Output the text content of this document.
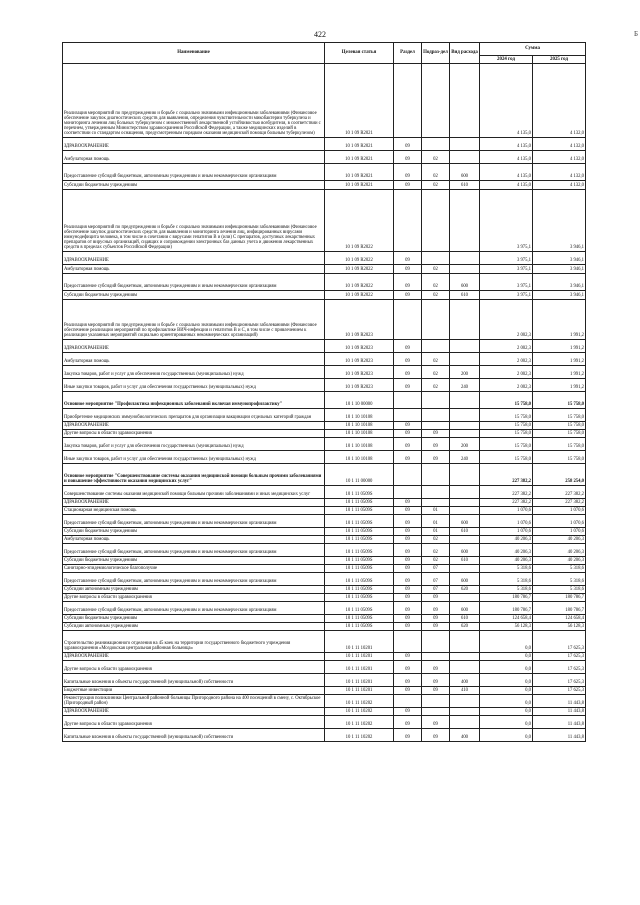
422	Б
Наименование	Целевая статья	Раздел	Подраз-дел	Вид расхода	Сумма	
					2024 год	2025 год
Реализация мероприятий по предупреждению и борьбе с социально значимыми инфекционными заболеваниями (Финансовое обеспечение закупок диагностических средств для выявления, определения чувствительности микобактерии туберкулеза и мониторинга лечения лиц больных туберкулезом с множественной лекарственной устойчивостью возбудителя, в соответствии с перечнем, утвержденным Министерством здравоохранения Российской Федерации, а также медицинских изделий в соответствии со стандартом оснащения, предусмотренным порядком оказания медицинской помощи больным туберкулезом)	10 1 09 R2021				4 135,0	4 132,0
ЗДРАВООХРАНЕНИЕ	10 1 09 R2021	09			4 135,0	4 132,0
Амбулаторная помощь	10 1 09 R2021	09	02		4 135,0	4 132,0
Предоставление субсидий бюджетным, автономным учреждениям и иным некоммерческим организациям	10 1 09 R2021	09	02	600	4 135,0	4 132,0
Субсидии бюджетным учреждениям	10 1 09 R2021	09	02	610	4 135,0	4 132,0
Реализация мероприятий по предупреждению и борьбе с социально значимыми инфекционными заболеваниями (Финансовое обеспечение закупок диагностических средств для выявления и мониторинга лечения лиц, инфицированных вирусами иммунодефицита человека, в том числе в сочетании с вирусами гепатитов B и (или) C препаратов, доступных лекарственных препаратов от вирусных организаций, сидящих и сопровождении электронных баз данных учета и движения лекарственных средств в пределах субъектов Российской Федерации)	10 1 09 R2022				3 975,1	3 946,1
ЗДРАВООХРАНЕНИЕ	10 1 09 R2022	09			3 975,1	3 946,1
Амбулаторная помощь	10 1 09 R2022	09	02		3 975,1	3 946,1
Предоставление субсидий бюджетным, автономным учреждениям и иным некоммерческим организациям	10 1 09 R2022	09	02	600	3 975,1	3 946,1
Субсидии бюджетным учреждениям	10 1 09 R2022	09	02	610	3 975,1	3 946,1
Реализация мероприятий по предупреждению и борьбе с социально значимыми инфекционными заболеваниями (Финансовое обеспечение реализации мероприятий по профилактике ВИЧ-инфекции и гепатитов B и C, в том числе с привлечением к реализации указанных мероприятий социально ориентированных некоммерческих организаций)	10 1 09 R2023				2 002,3	1 991,2
ЗДРАВООХРАНЕНИЕ	10 1 09 R2023	09			2 002,3	1 991,2
Амбулаторная помощь	10 1 09 R2023	09	02		2 002,3	1 991,2
Закупка товаров, работ и услуг для обеспечения государственных (муниципальных) нужд	10 1 09 R2023	09	02	200	2 002,3	1 991,2
Иные закупки товаров, работ и услуг для обеспечения государственных (муниципальных) нужд	10 1 09 R2023	09	02	240	2 002,3	1 991,2
Основное мероприятие "Профилактика инфекционных заболеваний включая иммунопрофилактику"	10 1 10 00000				15 758,0	15 758,0
Приобретение медицинских иммунобиологических препаратов для организации вакцинации отдельных категорий граждан	10 1 10 10108				15 758,0	15 758,0
ЗДРАВООХРАНЕНИЕ	10 1 10 10108	09			15 758,0	15 758,0
Другие вопросы в области здравоохранения	10 1 10 10108	09	09		15 758,0	15 758,0
Закупка товаров, работ и услуг для обеспечения государственных (муниципальных) нужд	10 1 10 10108	09	09	200	15 758,0	15 758,0
Иные закупки товаров, работ и услуг для обеспечения государственных (муниципальных) нужд	10 1 10 10108	09	09	240	15 758,0	15 758,0
Основное мероприятие "Совершенствование системы оказания медицинской помощи больным прочими заболеваниями и повышение эффективности оказания медицинских услуг"	10 1 11 00000				227 382,2	258 254,0
Совершенствование системы оказания медицинской помощи больным прочими заболеваниями и иных медицинских услуг	10 1 11 0509S				227 382,2	227 382,2
ЗДРАВООХРАНЕНИЕ	10 1 11 0509S	09			227 382,2	227 382,2
Стационарная медицинская помощь	10 1 11 0509S	09	01		1 070,6	1 070,6
Предоставление субсидий бюджетным, автономным учреждениям и иным некоммерческим организациям	10 1 11 0509S	09	01	600	1 070,6	1 070,6
Субсидии бюджетным учреждениям	10 1 11 0509S	09	01	610	1 070,6	1 070,6
Амбулаторная помощь	10 1 11 0509S	09	02		40 206,3	40 206,3
Предоставление субсидий бюджетным, автономным учреждениям и иным некоммерческим организациям	10 1 11 0509S	09	02	600	40 206,3	40 206,3
Субсидии бюджетным учреждениям	10 1 11 0509S	09	02	610	40 206,3	40 206,3
Санитарно-эпидемиологическое благополучие	10 1 11 0509S	09	07		5 318,6	5 318,6
Предоставление субсидий бюджетным, автономным учреждениям и иным некоммерческим организациям	10 1 11 0509S	09	07	600	5 318,6	5 318,6
Субсидии автономным учреждениям	10 1 11 0509S	09	07	620	5 318,6	5 318,6
Другие вопросы в области здравоохранения	10 1 11 0509S	09	09		180 786,7	180 786,7
Предоставление субсидий бюджетным, автономным учреждениям и иным некоммерческим организациям	10 1 11 0509S	09	09	600	180 786,7	180 786,7
Субсидии бюджетным учреждениям	10 1 11 0509S	09	09	610	124 658,4	124 658,4
Субсидии автономным учреждениям	10 1 11 0509S	09	09	620	56 128,3	56 128,3
Строительство реанимационного отделения на 45 коек на территории государственного бюджетного учреждения здравоохранения «Моздокская центральная районная больница»	10 1 11 10201				0,0	17 625,3
ЗДРАВООХРАНЕНИЕ	10 1 11 10201	09			0,0	17 625,3
Другие вопросы в области здравоохранения	10 1 11 10201	09	09		0,0	17 625,3
Капитальные вложения в объекты государственной (муниципальной) собственности	10 1 11 10201	09	09	400	0,0	17 625,3
Бюджетные инвестиции	10 1 11 10201	09	09	410	0,0	17 625,3
Реконструкция поликлиники Центральной районной больницы Пригородного района на 400 посещений в смену, с. Октябрьское (Пригородный район)	10 1 11 10202				0,0	11 443,8
ЗДРАВООХРАНЕНИЕ	10 1 11 10202	09			0,0	11 443,8
Другие вопросы в области здравоохранения	10 1 11 10202	09	09		0,0	11 443,8
Капитальные вложения в объекты государственной (муниципальной) собственности	10 1 11 10202	09	09	400	0,0	11 443,8
